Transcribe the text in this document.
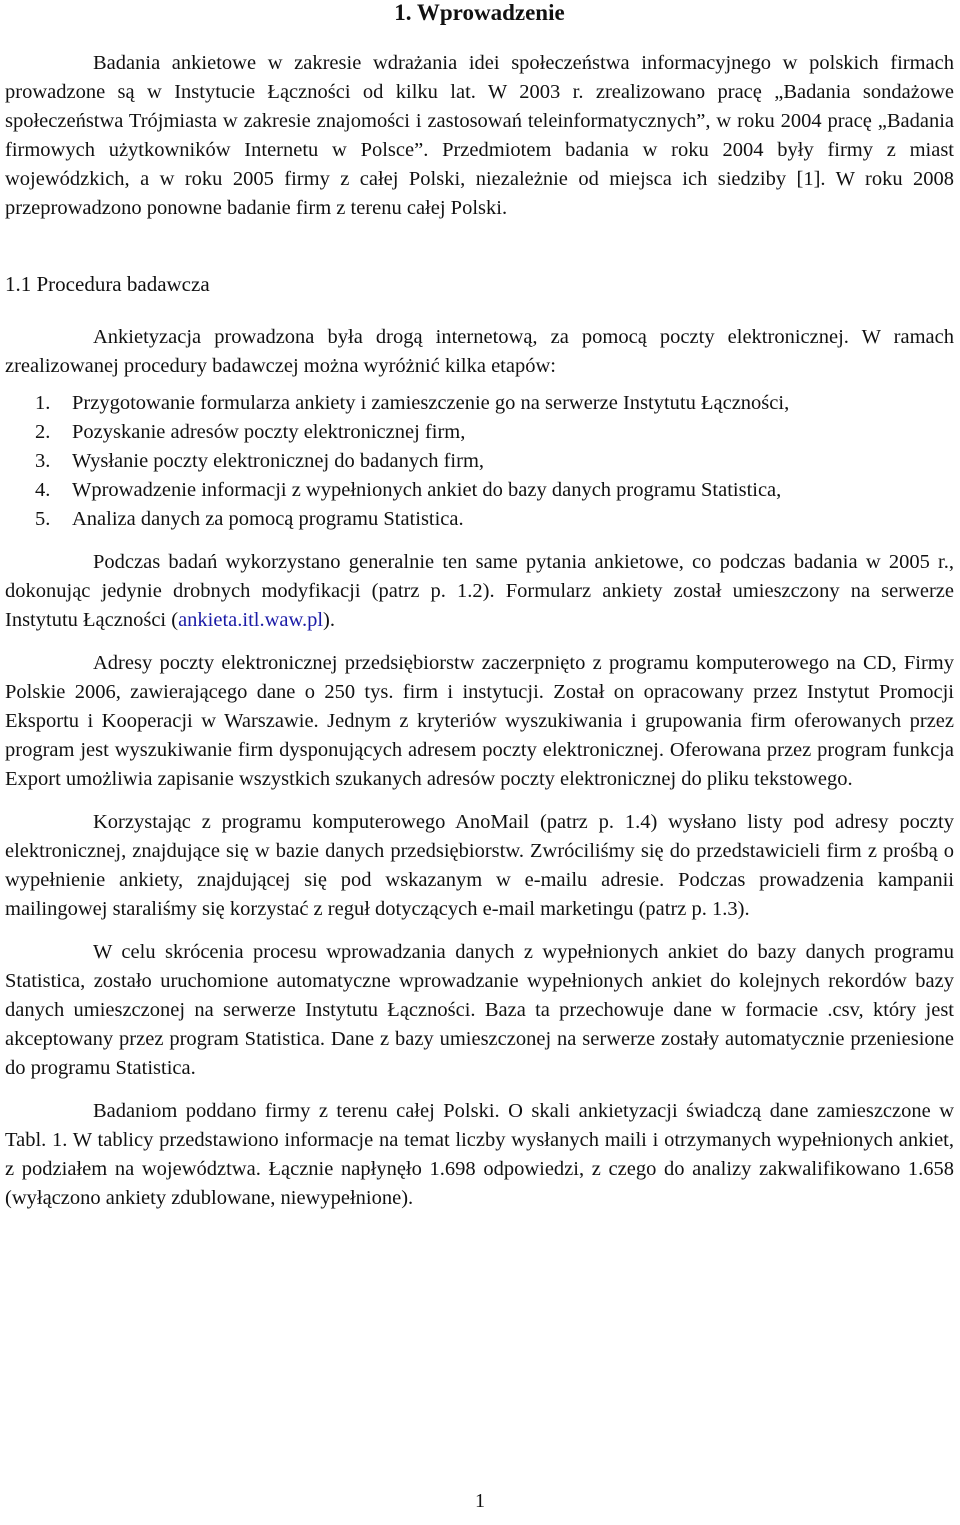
1. Wprowadzenie

Badania ankietowe w zakresie wdrażania idei społeczeństwa informacyjnego w polskich firmach prowadzone są w Instytucie Łączności od kilku lat. W 2003 r. zrealizowano pracę „Badania sondażowe społeczeństwa Trójmiasta w zakresie znajomości i zastosowań teleinformatycznych”, w roku 2004 pracę „Badania firmowych użytkowników Internetu w Polsce”. Przedmiotem badania w roku 2004 były firmy z miast wojewódzkich, a w roku 2005 firmy z całej Polski, niezależnie od miejsca ich siedziby [1]. W roku 2008 przeprowadzono ponowne badanie firm z terenu całej Polski.

1.1 Procedura badawcza

Ankietyzacja prowadzona była drogą internetową, za pomocą poczty elektronicznej. W ramach zrealizowanej procedury badawczej można wyróżnić kilka etapów:

1. Przygotowanie formularza ankiety i zamieszczenie go na serwerze Instytutu Łączności,
2. Pozyskanie adresów poczty elektronicznej firm,
3. Wysłanie poczty elektronicznej do badanych firm,
4. Wprowadzenie informacji z wypełnionych ankiet do bazy danych programu Statistica,
5. Analiza danych za pomocą programu Statistica.

Podczas badań wykorzystano generalnie ten same pytania ankietowe, co podczas badania w 2005 r., dokonując jedynie drobnych modyfikacji (patrz p. 1.2). Formularz ankiety został umieszczony na serwerze Instytutu Łączności (ankieta.itl.waw.pl).

Adresy poczty elektronicznej przedsiębiorstw zaczerpnięto z programu komputerowego na CD, Firmy Polskie 2006, zawierającego dane o 250 tys. firm i instytucji. Został on opracowany przez Instytut Promocji Eksportu i Kooperacji w Warszawie. Jednym z kryteriów wyszukiwania i grupowania firm oferowanych przez program jest wyszukiwanie firm dysponujących adresem poczty elektronicznej. Oferowana przez program funkcja Export umożliwia zapisanie wszystkich szukanych adresów poczty elektronicznej do pliku tekstowego.

Korzystając z programu komputerowego AnoMail (patrz p. 1.4) wysłano listy pod adresy poczty elektronicznej, znajdujące się w bazie danych przedsiębiorstw. Zwróciliśmy się do przedstawicieli firm z prośbą o wypełnienie ankiety, znajdującej się pod wskazanym w e-mailu adresie. Podczas prowadzenia kampanii mailingowej staraliśmy się korzystać z reguł dotyczących e-mail marketingu (patrz p. 1.3).

W celu skrócenia procesu wprowadzania danych z wypełnionych ankiet do bazy danych programu Statistica, zostało uruchomione automatyczne wprowadzanie wypełnionych ankiet do kolejnych rekordów bazy danych umieszczonej na serwerze Instytutu Łączności. Baza ta przechowuje dane w formacie .csv, który jest akceptowany przez program Statistica. Dane z bazy umieszczonej na serwerze zostały automatycznie przeniesione do programu Statistica.

Badaniom poddano firmy z terenu całej Polski. O skali ankietyzacji świadczą dane zamieszczone w Tabl. 1. W tablicy przedstawiono informacje na temat liczby wysłanych maili i otrzymanych wypełnionych ankiet, z podziałem na województwa. Łącznie napłynęło 1.698 odpowiedzi, z czego do analizy zakwalifikowano 1.658 (wyłączono ankiety zdublowane, niewypełnione).

1
